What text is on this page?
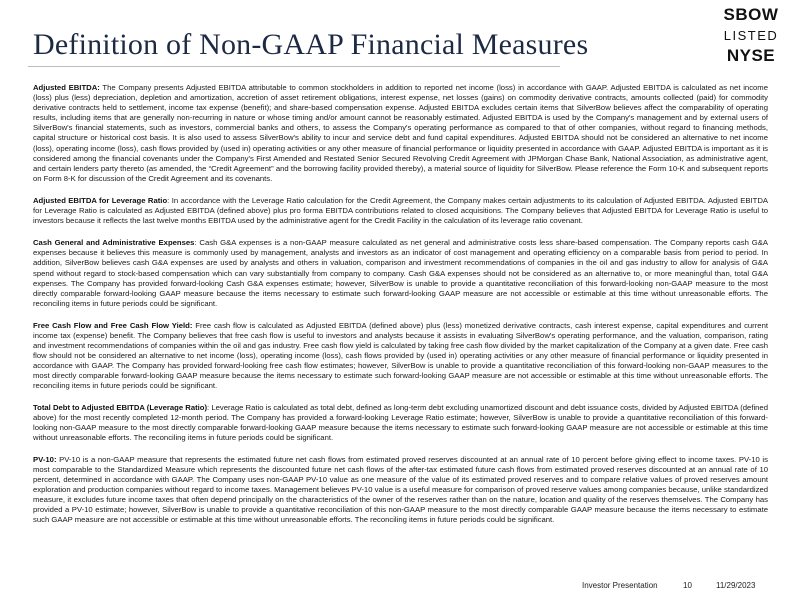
Definition of Non-GAAP Financial Measures
SBOW
LISTED
NYSE

Adjusted EBITDA: The Company presents Adjusted EBITDA attributable to common stockholders in addition to reported net income (loss) in accordance with GAAP. Adjusted EBITDA is calculated as net income (loss) plus (less) depreciation, depletion and amortization, accretion of asset retirement obligations, interest expense, net losses (gains) on commodity derivative contracts, amounts collected (paid) for commodity derivative contracts held to settlement, income tax expense (benefit); and share-based compensation expense. Adjusted EBITDA excludes certain items that SilverBow believes affect the comparability of operating results, including items that are generally non-recurring in nature or whose timing and/or amount cannot be reasonably estimated. Adjusted EBITDA is used by the Company's management and by external users of SilverBow's financial statements, such as investors, commercial banks and others, to assess the Company's operating performance as compared to that of other companies, without regard to financing methods, capital structure or historical cost basis. It is also used to assess SilverBow's ability to incur and service debt and fund capital expenditures. Adjusted EBITDA should not be considered an alternative to net income (loss), operating income (loss), cash flows provided by (used in) operating activities or any other measure of financial performance or liquidity presented in accordance with GAAP. Adjusted EBITDA is important as it is considered among the financial covenants under the Company's First Amended and Restated Senior Secured Revolving Credit Agreement with JPMorgan Chase Bank, National Association, as administrative agent, and certain lenders party thereto (as amended, the “Credit Agreement” and the borrowing facility provided thereby), a material source of liquidity for SilverBow. Please reference the Form 10-K and subsequent reports on Form 8-K for discussion of the Credit Agreement and its covenants.

Adjusted EBITDA for Leverage Ratio: In accordance with the Leverage Ratio calculation for the Credit Agreement, the Company makes certain adjustments to its calculation of Adjusted EBITDA. Adjusted EBITDA for Leverage Ratio is calculated as Adjusted EBITDA (defined above) plus pro forma EBITDA contributions related to closed acquisitions. The Company believes that Adjusted EBITDA for Leverage Ratio is useful to investors because it reflects the last twelve months EBITDA used by the administrative agent for the Credit Facility in the calculation of its leverage ratio covenant.

Cash General and Administrative Expenses: Cash G&A expenses is a non-GAAP measure calculated as net general and administrative costs less share-based compensation. The Company reports cash G&A expenses because it believes this measure is commonly used by management, analysts and investors as an indicator of cost management and operating efficiency on a comparable basis from period to period. In addition, SilverBow believes cash G&A expenses are used by analysts and others in valuation, comparison and investment recommendations of companies in the oil and gas industry to allow for analysis of G&A spend without regard to stock-based compensation which can vary substantially from company to company. Cash G&A expenses should not be considered as an alternative to, or more meaningful than, total G&A expenses. The Company has provided forward-looking Cash G&A expenses estimate; however, SilverBow is unable to provide a quantitative reconciliation of this forward-looking non-GAAP measure to the most directly comparable forward-looking GAAP measure because the items necessary to estimate such forward-looking GAAP measure are not accessible or estimable at this time without unreasonable efforts. The reconciling items in future periods could be significant.

Free Cash Flow and Free Cash Flow Yield: Free cash flow is calculated as Adjusted EBITDA (defined above) plus (less) monetized derivative contracts, cash interest expense, capital expenditures and current income tax (expense) benefit. The Company believes that free cash flow is useful to investors and analysts because it assists in evaluating SilverBow's operating performance, and the valuation, comparison, rating and investment recommendations of companies within the oil and gas industry. Free cash flow yield is calculated by taking free cash flow divided by the market capitalization of the Company at a given date. Free cash flow should not be considered an alternative to net income (loss), operating income (loss), cash flows provided by (used in) operating activities or any other measure of financial performance or liquidity presented in accordance with GAAP. The Company has provided forward-looking free cash flow estimates; however, SilverBow is unable to provide a quantitative reconciliation of this forward-looking non-GAAP measures to the most directly comparable forward-looking GAAP measure because the items necessary to estimate such forward-looking GAAP measure are not accessible or estimable at this time without unreasonable efforts. The reconciling items in future periods could be significant.

Total Debt to Adjusted EBITDA (Leverage Ratio): Leverage Ratio is calculated as total debt, defined as long-term debt excluding unamortized discount and debt issuance costs, divided by Adjusted EBITDA (defined above) for the most recently completed 12-month period. The Company has provided a forward-looking Leverage Ratio estimate; however, SilverBow is unable to provide a quantitative reconciliation of this forward-looking non-GAAP measure to the most directly comparable forward-looking GAAP measure because the items necessary to estimate such forward-looking GAAP measure are not accessible or estimable at this time without unreasonable efforts. The reconciling items in future periods could be significant.

PV-10: PV-10 is a non-GAAP measure that represents the estimated future net cash flows from estimated proved reserves discounted at an annual rate of 10 percent before giving effect to income taxes. PV-10 is most comparable to the Standardized Measure which represents the discounted future net cash flows of the after-tax estimated future cash flows from estimated proved reserves discounted at an annual rate of 10 percent, determined in accordance with GAAP. The Company uses non-GAAP PV-10 value as one measure of the value of its estimated proved reserves and to compare relative values of proved reserves amount exploration and production companies without regard to income taxes. Management believes PV-10 value is a useful measure for comparison of proved reserve values among companies because, unlike standardized measure, it excludes future income taxes that often depend principally on the characteristics of the owner of the reserves rather than on the nature, location and quality of the reserves themselves. The Company has provided a PV-10 estimate; however, SilverBow is unable to provide a quantitative reconciliation of this non-GAAP measure to the most directly comparable GAAP measure because the items necessary to estimate such GAAP measure are not accessible or estimable at this time without unreasonable efforts. The reconciling items in future periods could be significant.

Investor Presentation	10	11/29/2023
